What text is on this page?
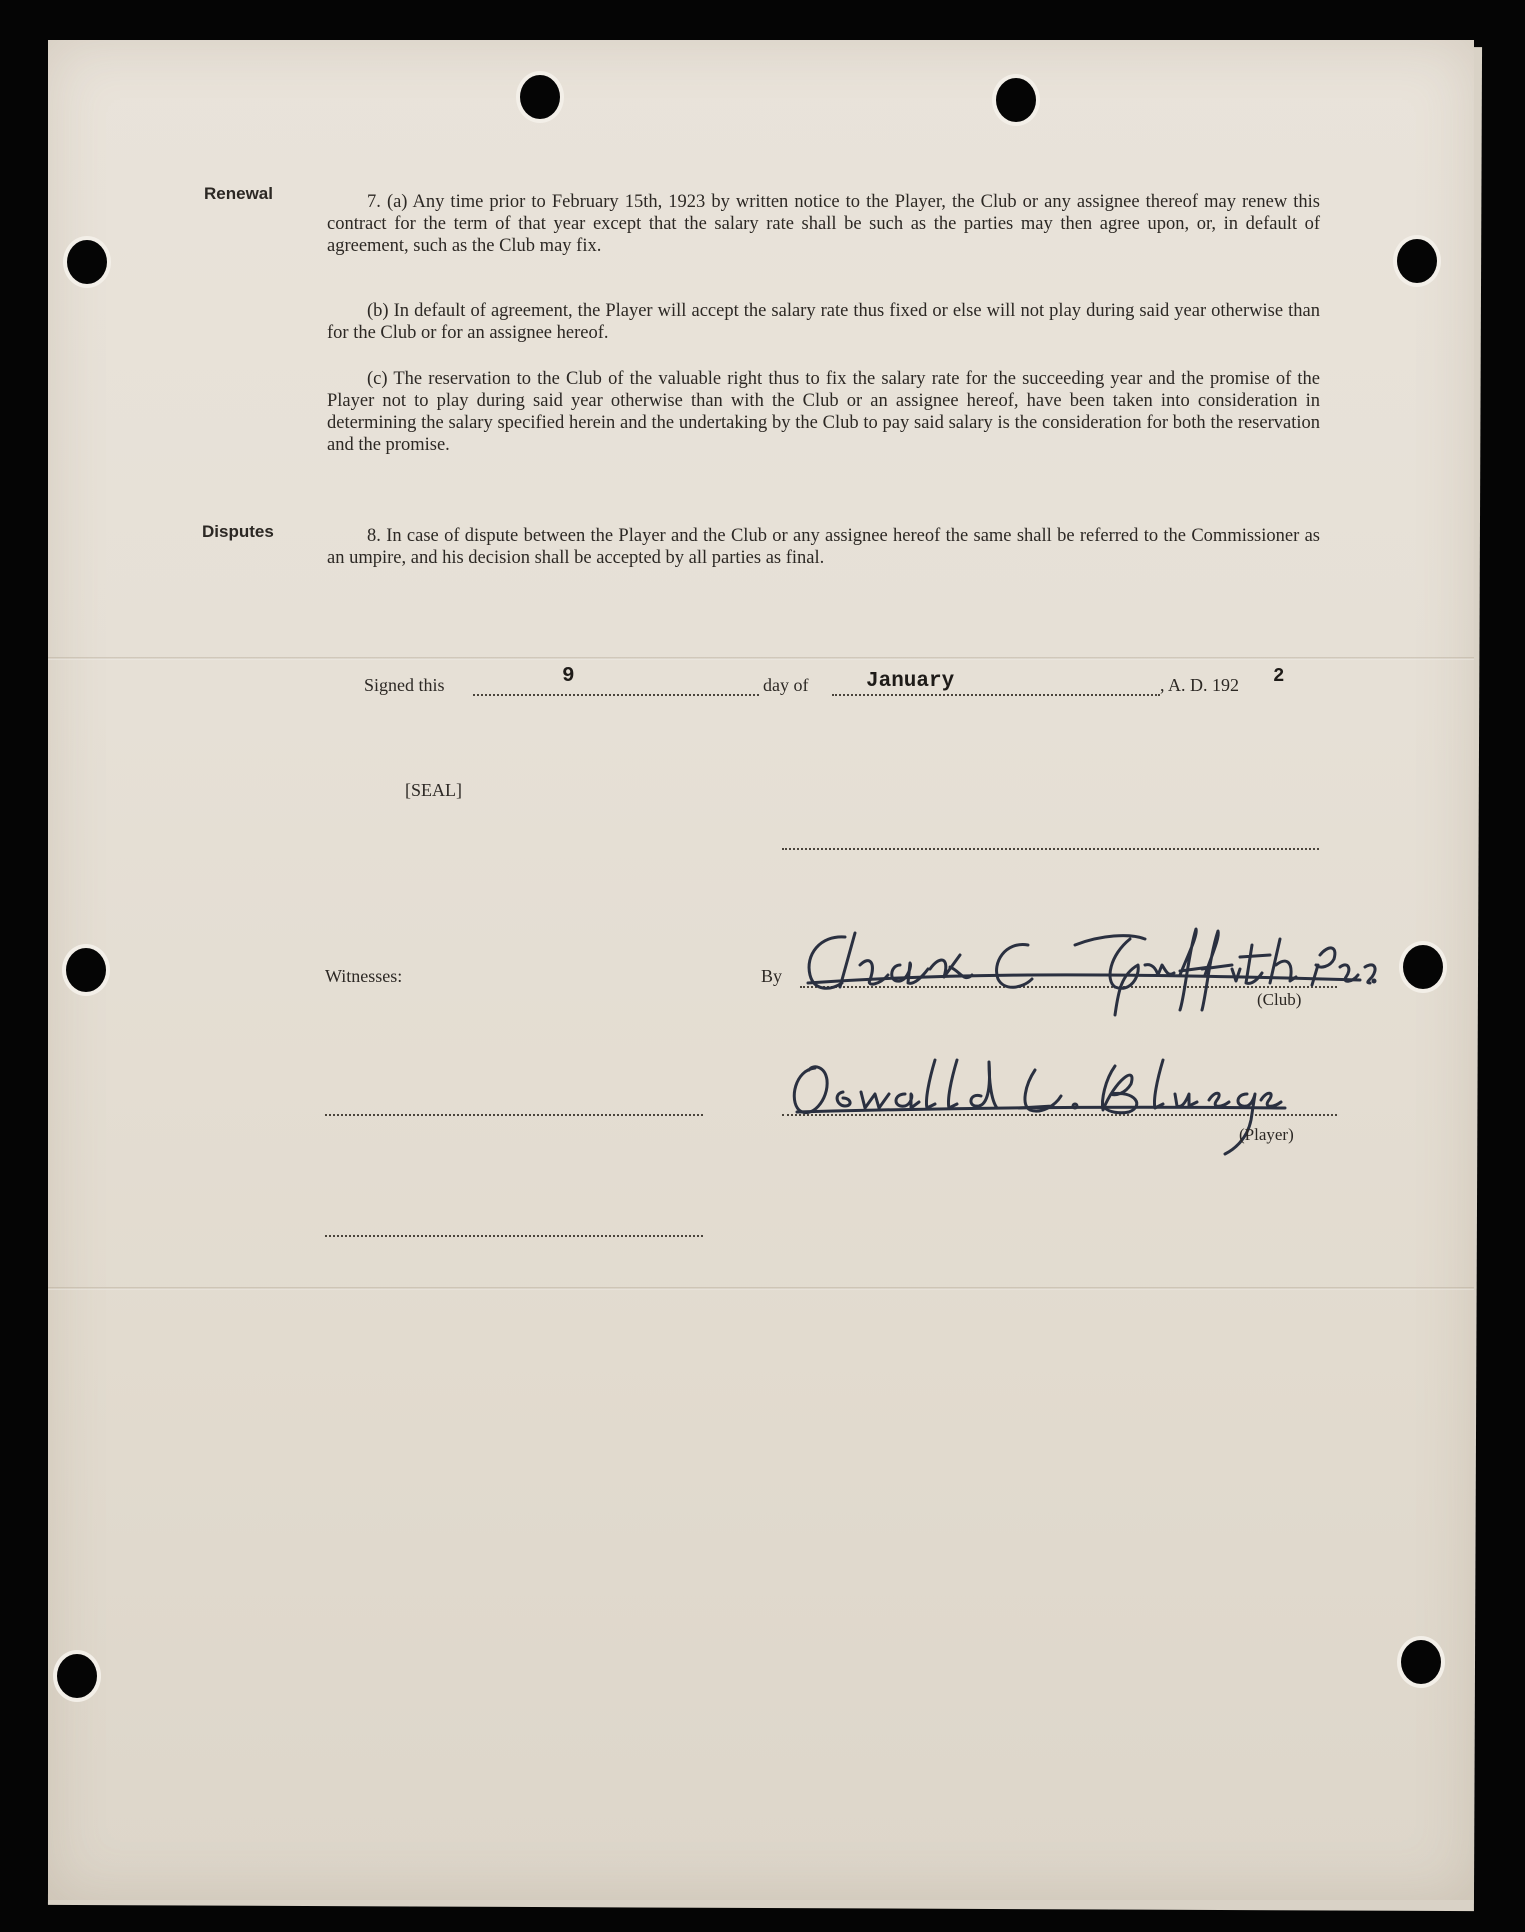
Renewal	7. (a) Any time prior to February 15th, 1923 by written notice to the Player, the Club or any assignee thereof may renew this contract for the term of that year except that the salary rate shall be such as the parties may then agree upon, or, in default of agreement, such as the Club may fix.
(b) In default of agreement, the Player will accept the salary rate thus fixed or else will not play during said year otherwise than for the Club or for an assignee hereof.
(c) The reservation to the Club of the valuable right thus to fix the salary rate for the succeeding year and the promise of the Player not to play during said year otherwise than with the Club or an assignee hereof, have been taken into consideration in determining the salary specified herein and the undertaking by the Club to pay said salary is the consideration for both the reservation and the promise.
Disputes	8. In case of dispute between the Player and the Club or any assignee hereof the same shall be referred to the Commissioner as an umpire, and his decision shall be accepted by all parties as final.
Signed this	9	day of	January	, A. D. 192 2
[SEAL]
Witnesses:	By
(Club)
(Player)
